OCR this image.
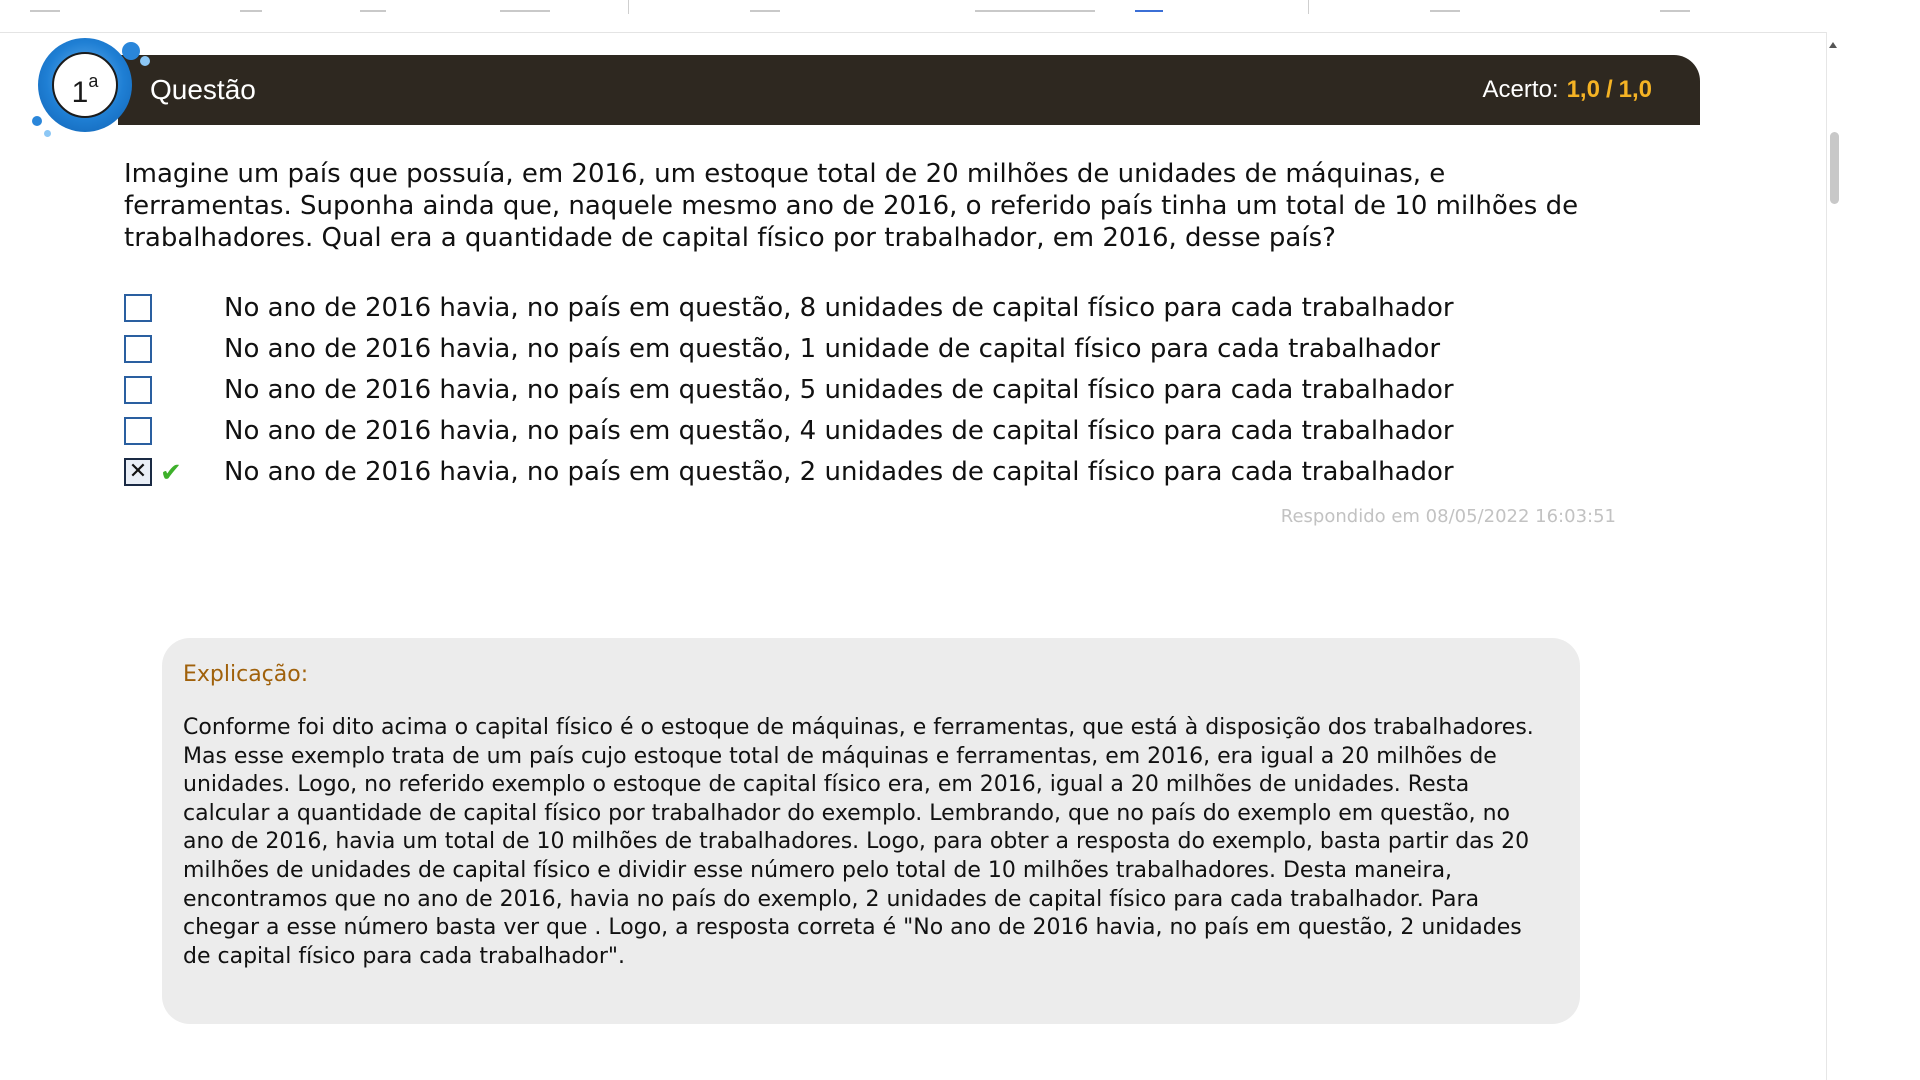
Questão	Acerto: 1,0 / 1,0
1$^a$
Imagine um país que possuía, em 2016, um estoque total de 20 milhões de unidades de máquinas, e ferramentas. Suponha ainda que, naquele mesmo ano de 2016, o referido país tinha um total de 10 milhões de trabalhadores. Qual era a quantidade de capital físico por trabalhador, em 2016, desse país?
No ano de 2016 havia, no país em questão, 8 unidades de capital físico para cada trabalhador
No ano de 2016 havia, no país em questão, 1 unidade de capital físico para cada trabalhador
No ano de 2016 havia, no país em questão, 5 unidades de capital físico para cada trabalhador
No ano de 2016 havia, no país em questão, 4 unidades de capital físico para cada trabalhador
✕ ✔ No ano de 2016 havia, no país em questão, 2 unidades de capital físico para cada trabalhador
Respondido em 08/05/2022 16:03:51
Explicação:
Conforme foi dito acima o capital físico é o estoque de máquinas, e ferramentas, que está à disposição dos trabalhadores. Mas esse exemplo trata de um país cujo estoque total de máquinas e ferramentas, em 2016, era igual a 20 milhões de unidades. Logo, no referido exemplo o estoque de capital físico era, em 2016, igual a 20 milhões de unidades. Resta calcular a quantidade de capital físico por trabalhador do exemplo. Lembrando, que no país do exemplo em questão, no ano de 2016, havia um total de 10 milhões de trabalhadores. Logo, para obter a resposta do exemplo, basta partir das 20 milhões de unidades de capital físico e dividir esse número pelo total de 10 milhões trabalhadores. Desta maneira, encontramos que no ano de 2016, havia no país do exemplo, 2 unidades de capital físico para cada trabalhador. Para chegar a esse número basta ver que . Logo, a resposta correta é "No ano de 2016 havia, no país em questão, 2 unidades de capital físico para cada trabalhador".
